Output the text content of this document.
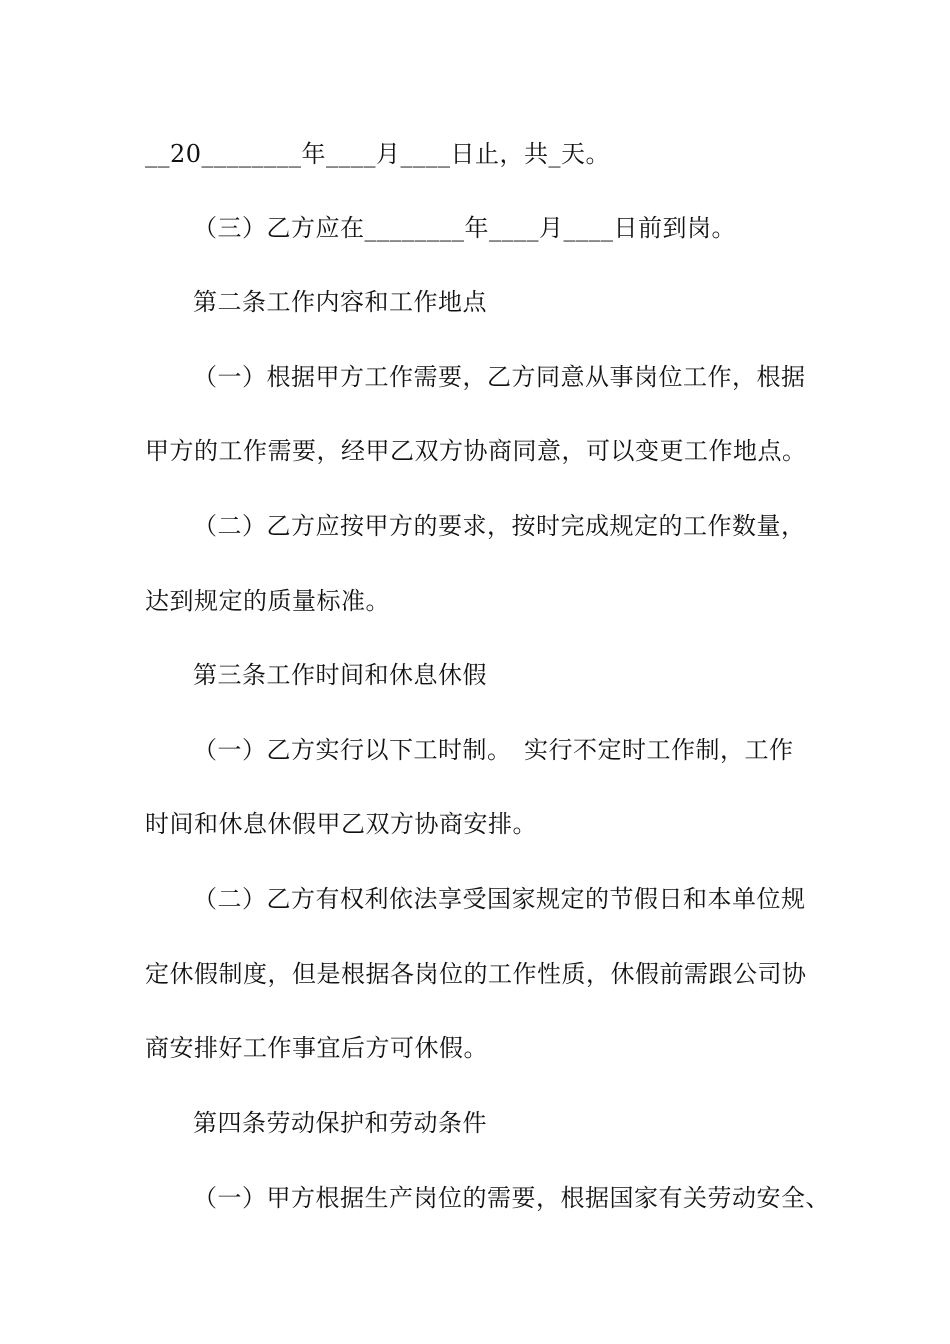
__20________年____月____日止，共_天。
（三）乙方应在________年____月____日前到岗。
第二条工作内容和工作地点
（一）根据甲方工作需要，乙方同意从事岗位工作，根据
甲方的工作需要，经甲乙双方协商同意，可以变更工作地点。
（二）乙方应按甲方的要求，按时完成规定的工作数量，
达到规定的质量标准。
第三条工作时间和休息休假
（一）乙方实行以下工时制。　实行不定时工作制，工作
时间和休息休假甲乙双方协商安排。
（二）乙方有权利依法享受国家规定的节假日和本单位规
定休假制度，但是根据各岗位的工作性质，休假前需跟公司协
商安排好工作事宜后方可休假。
第四条劳动保护和劳动条件
（一）甲方根据生产岗位的需要，根据国家有关劳动安全、
